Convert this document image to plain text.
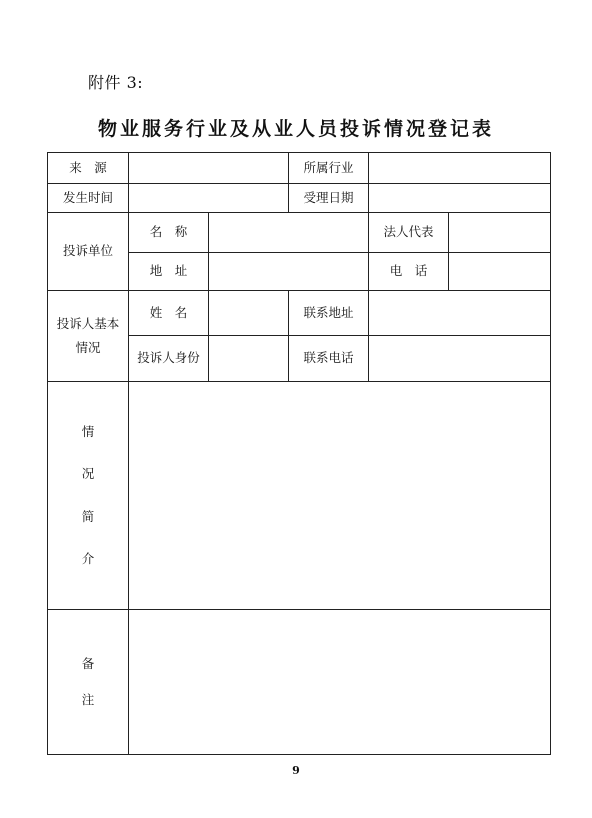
附件 3:
物业服务行业及从业人员投诉情况登记表
来　源	所属行业
发生时间	受理日期
投诉单位
名　称	法人代表
地　址	电　话
投诉人基本
情况
姓　名	联系地址
投诉人身份	联系电话
情
况
简
介
备
注
9
